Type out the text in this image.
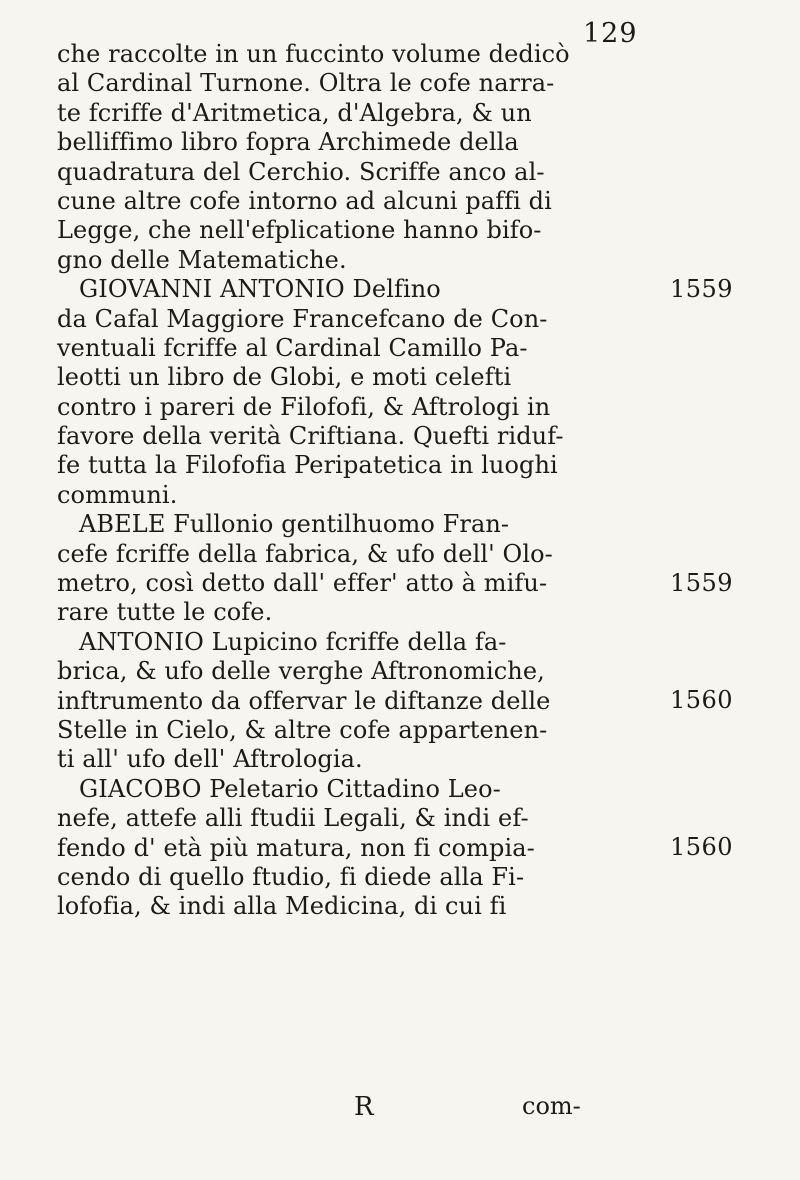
129
che raccolte in un fuccinto volume dedicò
al Cardinal Turnone. Oltra le cofe narra-
te fcriffe d'Aritmetica, d'Algebra, & un
belliffimo libro fopra Archimede della
quadratura del Cerchio. Scriffe anco al-
cune altre cofe intorno ad alcuni paffi di
Legge, che nell'efplicatione hanno bifo-
gno delle Matematiche.
GIOVANNI ANTONIO Delfino
da Cafal Maggiore Francefcano de Con-
ventuali fcriffe al Cardinal Camillo Pa-
leotti un libro de Globi, e moti celefti
contro i pareri de Filofofi, & Aftrologi in
favore della verità Criftiana. Quefti riduf-
fe tutta la Filofofia Peripatetica in luoghi
communi.
ABELE Fullonio gentilhuomo Fran-
cefe fcriffe della fabrica, & ufo dell' Olo-
metro, così detto dall' effer' atto à mifu-
rare tutte le cofe.
ANTONIO Lupicino fcriffe della fa-
brica, & ufo delle verghe Aftronomiche,
inftrumento da offervar le diftanze delle
Stelle in Cielo, & altre cofe appartenen-
ti all' ufo dell' Aftrologia.
GIACOBO Peletario Cittadino Leo-
nefe, attefe alli ftudii Legali, & indi ef-
fendo d' età più matura, non fi compia-
cendo di quello ftudio, fi diede alla Fi-
lofofia, & indi alla Medicina, di cui fi
1559
1559
1560
1560
R	com-
